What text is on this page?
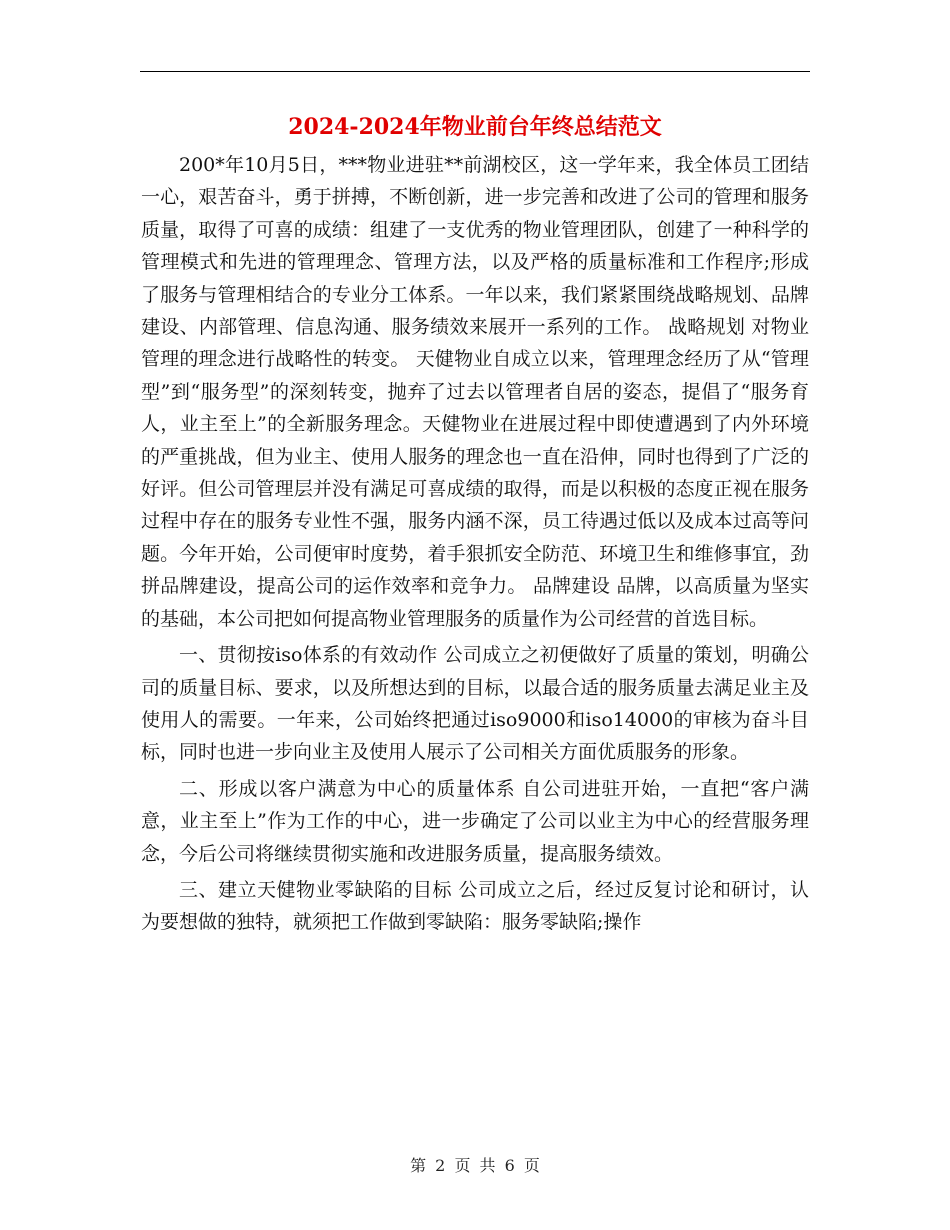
2024-2024年物业前台年终总结范文

200*年10月5日，***物业进驻**前湖校区，这一学年来，我全体员工团结一心，艰苦奋斗，勇于拼搏，不断创新，进一步完善和改进了公司的管理和服务质量，取得了可喜的成绩：组建了一支优秀的物业管理团队，创建了一种科学的管理模式和先进的管理理念、管理方法，以及严格的质量标准和工作程序;形成了服务与管理相结合的专业分工体系。一年以来，我们紧紧围绕战略规划、品牌建设、内部管理、信息沟通、服务绩效来展开一系列的工作。 战略规划 对物业管理的理念进行战略性的转变。 天健物业自成立以来，管理理念经历了从“管理型”到“服务型”的深刻转变，抛弃了过去以管理者自居的姿态，提倡了“服务育人，业主至上”的全新服务理念。天健物业在进展过程中即使遭遇到了内外环境的严重挑战，但为业主、使用人服务的理念也一直在沿伸，同时也得到了广泛的好评。但公司管理层并没有满足可喜成绩的取得，而是以积极的态度正视在服务过程中存在的服务专业性不强，服务内涵不深，员工待遇过低以及成本过高等问题。今年开始，公司便审时度势，着手狠抓安全防范、环境卫生和维修事宜，劲拼品牌建设，提高公司的运作效率和竞争力。 品牌建设 品牌，以高质量为坚实的基础，本公司把如何提高物业管理服务的质量作为公司经营的首选目标。

一、贯彻按iso体系的有效动作 公司成立之初便做好了质量的策划，明确公司的质量目标、要求，以及所想达到的目标，以最合适的服务质量去满足业主及使用人的需要。一年来，公司始终把通过iso9000和iso14000的审核为奋斗目标，同时也进一步向业主及使用人展示了公司相关方面优质服务的形象。

二、形成以客户满意为中心的质量体系 自公司进驻开始，一直把“客户满意，业主至上”作为工作的中心，进一步确定了公司以业主为中心的经营服务理念，今后公司将继续贯彻实施和改进服务质量，提高服务绩效。

三、建立天健物业零缺陷的目标 公司成立之后，经过反复讨论和研讨，认为要想做的独特，就须把工作做到零缺陷：服务零缺陷;操作

第 2 页 共 6 页
